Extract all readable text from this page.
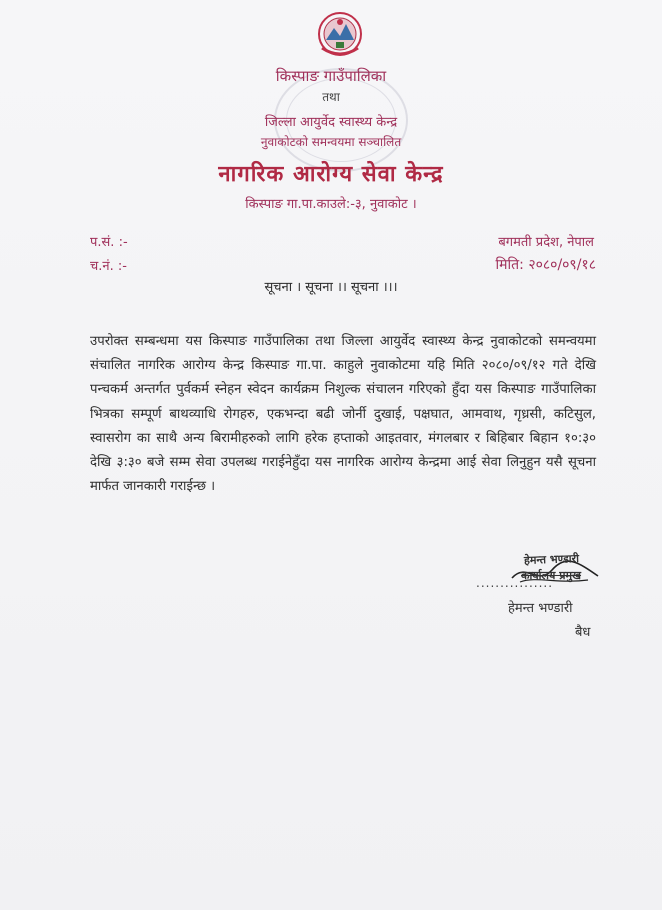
किस्पाङ गाउँपालिका
तथा
जिल्ला आयुर्वेद स्वास्थ्य केन्द्र
नुवाकोटको समन्वयमा सञ्चालित
नागरिक आरोग्य सेवा केन्द्र
किस्पाङ गा.पा.काउले:-३, नुवाकोट ।
प.सं. :-
च.नं. :-
बगमती प्रदेश, नेपाल
मिति: २०८०/०९/१८
सूचना । सूचना ।। सूचना ।।।
उपरोक्त सम्बन्धमा यस किस्पाङ गाउँपालिका तथा जिल्ला आयुर्वेद स्वास्थ्य केन्द्र नुवाकोटको समन्वयमा संचालित नागरिक आरोग्य केन्द्र किस्पाङ गा.पा. काहुले नुवाकोटमा यहि मिति २०८०/०९/१२ गते देखि पन्चकर्म अन्तर्गत पुर्वकर्म स्नेहन स्वेदन कार्यक्रम निशुल्क संचालन गरिएको हुँदा यस किस्पाङ गाउँपालिका भित्रका सम्पूर्ण बाथव्याधि रोगहरु, एकभन्दा बढी जोर्नी दुखाई, पक्षघात, आमवाथ, गृध्रसी, कटिसुल, स्वासरोग का साथै अन्य बिरामीहरुको लागि हरेक हप्ताको आइतवार, मंगलबार र बिहिबार बिहान १०:३० देखि ३:३० बजे सम्म सेवा उपलब्ध गराईनेहुँदा यस नागरिक आरोग्य केन्द्रमा आई सेवा लिनुहुन यसै सूचना मार्फत जानकारी गराईन्छ ।
हेमन्त भण्डारी
कार्यालय प्रमुख
................
हेमन्त भण्डारी
बैध
